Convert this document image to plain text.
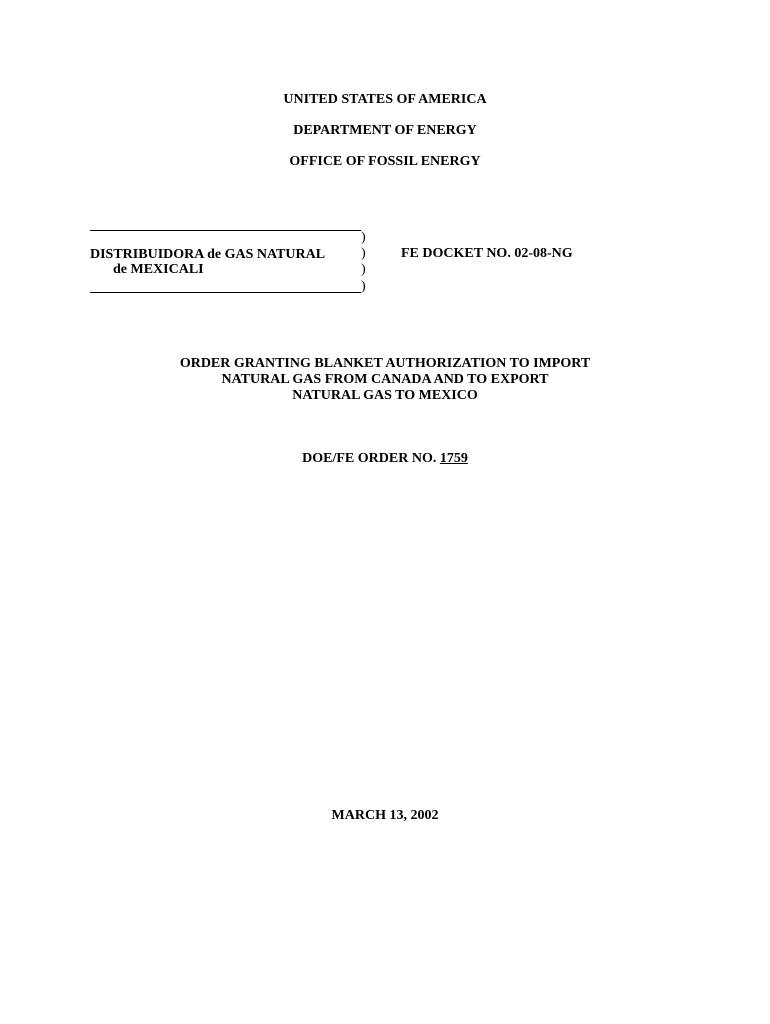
UNITED STATES OF AMERICA
DEPARTMENT OF ENERGY
OFFICE OF FOSSIL ENERGY
DISTRIBUIDORA de GAS NATURAL
de MEXICALI
)
)
)
)
FE DOCKET NO. 02-08-NG
ORDER GRANTING BLANKET AUTHORIZATION TO IMPORT
NATURAL GAS FROM CANADA AND TO EXPORT
NATURAL GAS TO MEXICO
DOE/FE ORDER NO. 1759
MARCH 13, 2002
